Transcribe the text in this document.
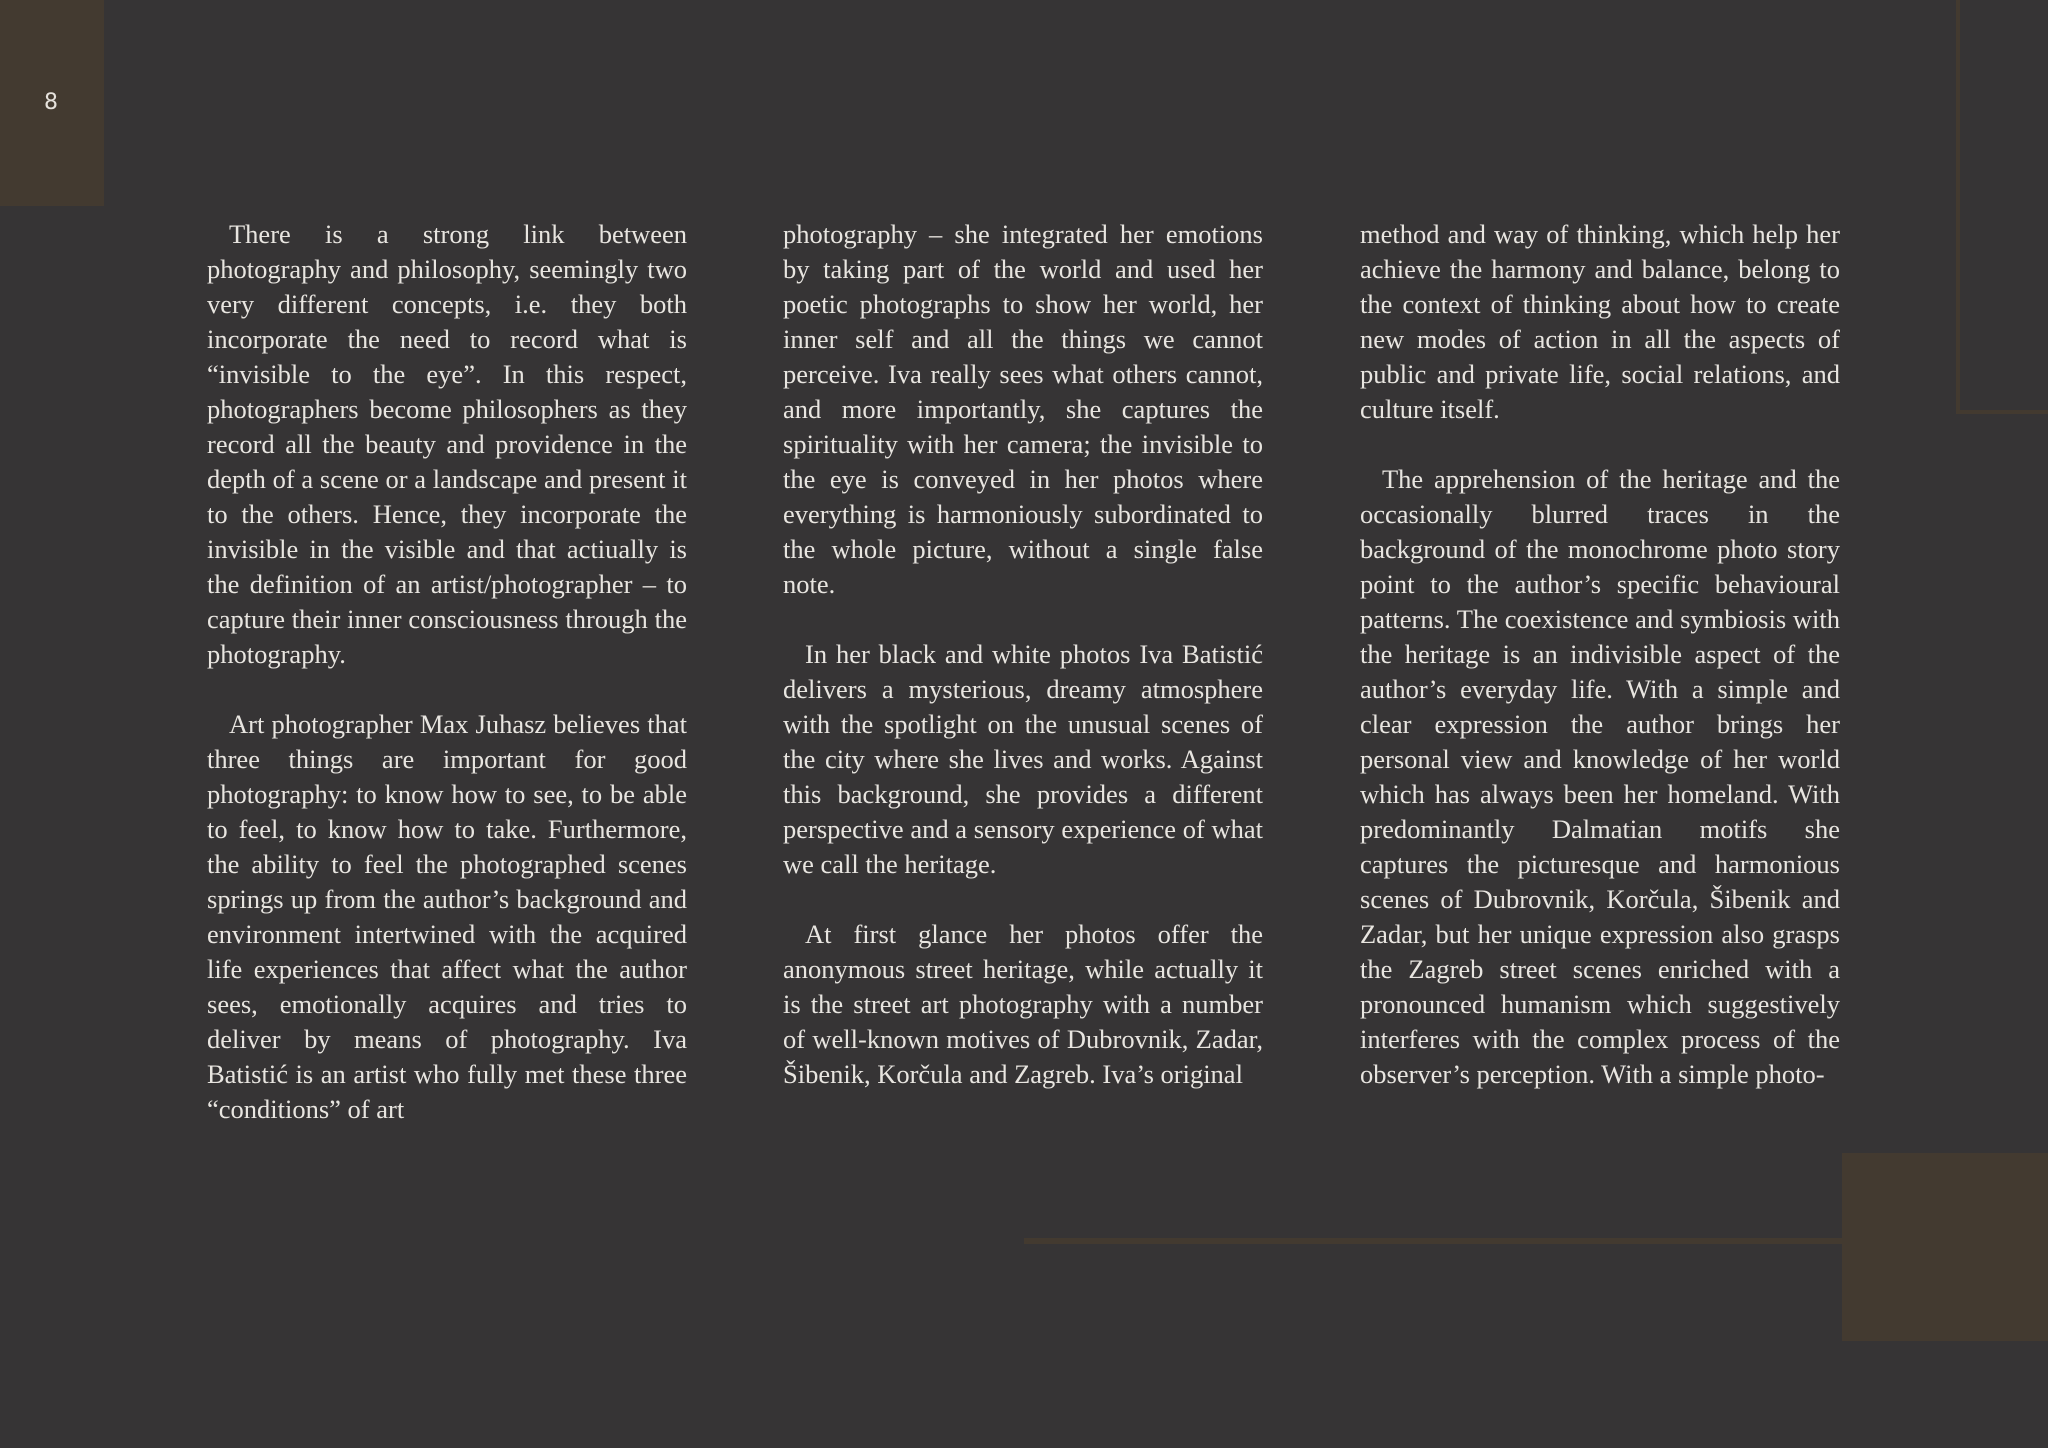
8

There is a strong link between photography and philosophy, seemingly two very different concepts, i.e. they both incorporate the need to record what is “invisible to the eye”. In this respect, photographers become philosophers as they record all the beauty and providence in the depth of a scene or a landscape and present it to the others. Hence, they incorporate the invisible in the visible and that actiually is the definition of an artist/photographer – to capture their inner consciousness through the photography.

Art photographer Max Juhasz believes that three things are important for good photography: to know how to see, to be able to feel, to know how to take. Furthermore, the ability to feel the photographed scenes springs up from the author’s background and environment intertwined with the acquired life experiences that affect what the author sees, emotionally acquires and tries to deliver by means of photography. Iva Batistić is an artist who fully met these three “conditions” of art

photography – she integrated her emotions by taking part of the world and used her poetic photographs to show her world, her inner self and all the things we cannot perceive. Iva really sees what others cannot, and more importantly, she captures the spirituality with her camera; the invisible to the eye is conveyed in her photos where everything is harmoniously subordinated to the whole picture, without a single false note.

In her black and white photos Iva Batistić delivers a mysterious, dreamy atmosphere with the spotlight on the unusual scenes of the city where she lives and works. Against this background, she provides a different perspective and a sensory experience of what we call the heritage.

At first glance her photos offer the anonymous street heritage, while actually it is the street art photography with a number of well-known motives of Dubrovnik, Zadar, Šibenik, Korčula and Zagreb. Iva’s original

method and way of thinking, which help her achieve the harmony and balance, belong to the context of thinking about how to create new modes of action in all the aspects of public and private life, social relations, and culture itself.

The apprehension of the heritage and the occasionally blurred traces in the background of the monochrome photo story point to the author’s specific behavioural patterns. The coexistence and symbiosis with the heritage is an indivisible aspect of the author’s everyday life. With a simple and clear expression the author brings her personal view and knowledge of her world which has always been her homeland. With predominantly Dalmatian motifs she captures the picturesque and harmonious scenes of Dubrovnik, Korčula, Šibenik and Zadar, but her unique expression also grasps the Zagreb street scenes enriched with a pronounced humanism which suggestively interferes with the complex process of the observer’s perception. With a simple photo-
